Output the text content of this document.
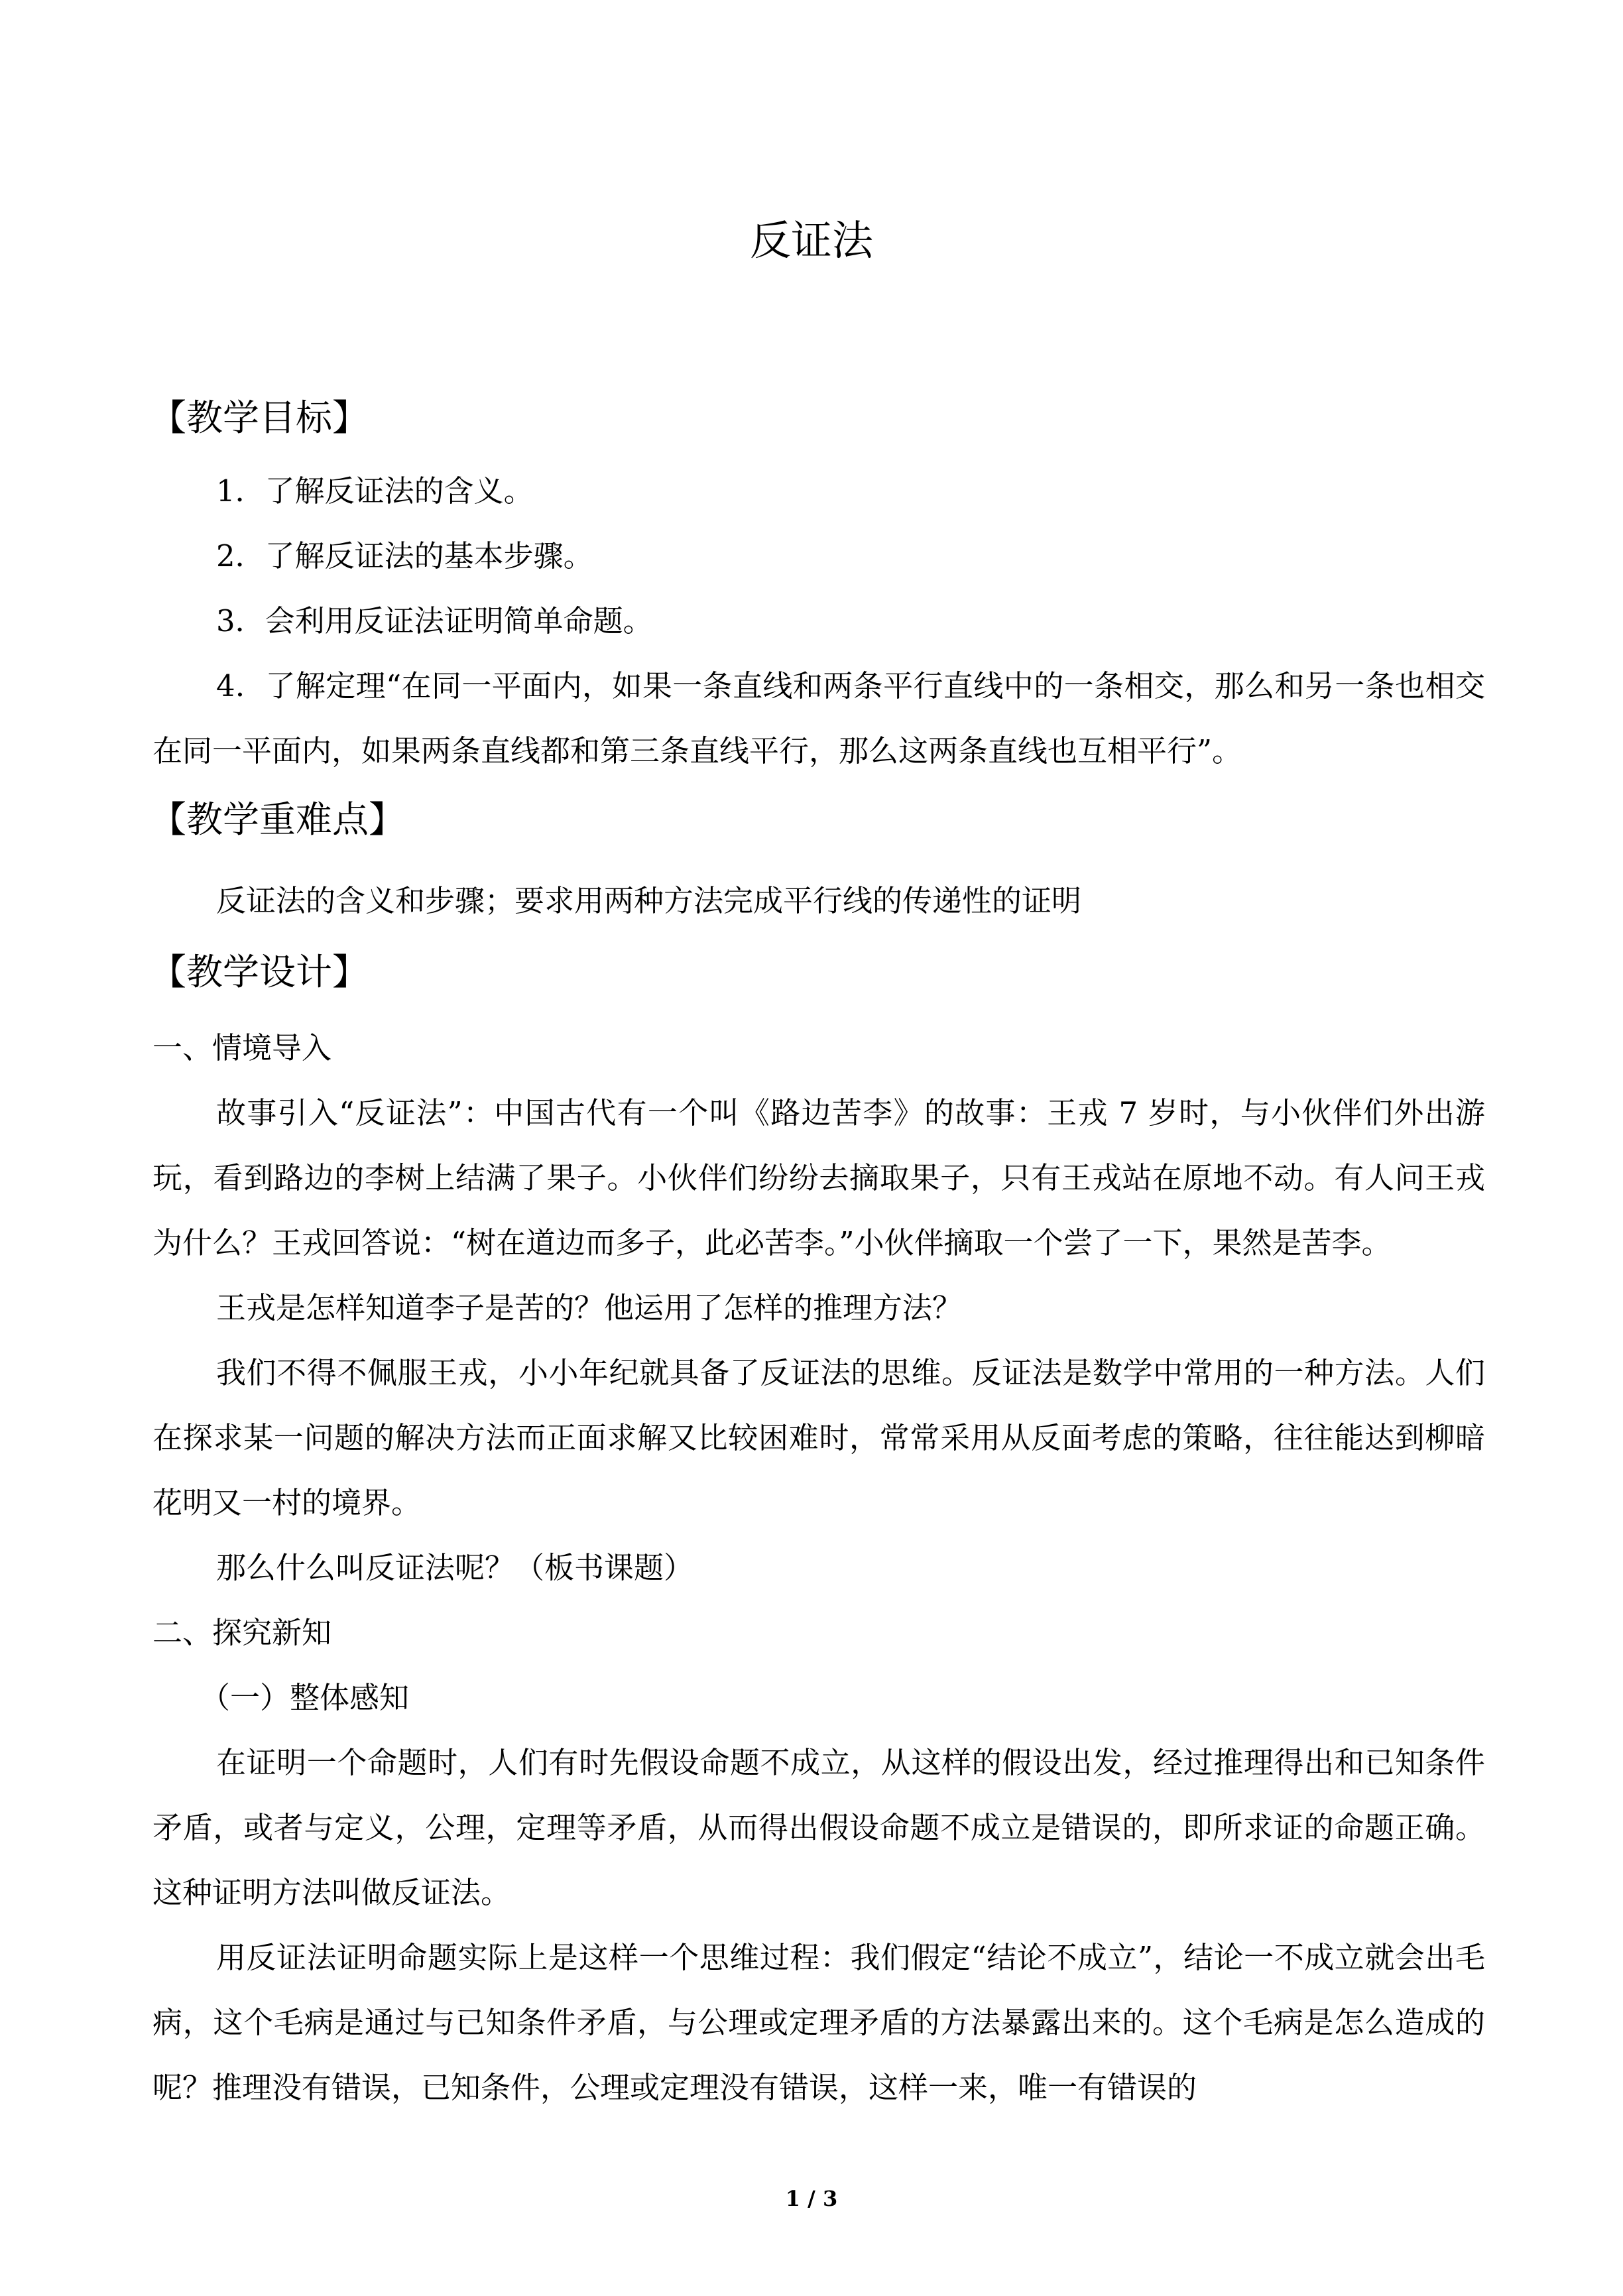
反证法
【教学目标】
1．了解反证法的含义。
2．了解反证法的基本步骤。
3．会利用反证法证明简单命题。
4．了解定理“在同一平面内，如果一条直线和两条平行直线中的一条相交，那么和另一条也相交在同一平面内，如果两条直线都和第三条直线平行，那么这两条直线也互相平行”。
【教学重难点】

反证法的含义和步骤；要求用两种方法完成平行线的传递性的证明

【教学设计】

一、情境导入

故事引入“反证法”：中国古代有一个叫《路边苦李》的故事：王戎 7 岁时，与小伙伴们外出游玩，看到路边的李树上结满了果子。小伙伴们纷纷去摘取果子，只有王戎站在原地不动。有人问王戎为什么？王戎回答说：“树在道边而多子，此必苦李。”小伙伴摘取一个尝了一下，果然是苦李。

王戎是怎样知道李子是苦的？他运用了怎样的推理方法？

我们不得不佩服王戎，小小年纪就具备了反证法的思维。反证法是数学中常用的一种方法。人们在探求某一问题的解决方法而正面求解又比较困难时，常常采用从反面考虑的策略，往往能达到柳暗花明又一村的境界。

那么什么叫反证法呢？（板书课题）

二、探究新知

（一）整体感知

在证明一个命题时，人们有时先假设命题不成立，从这样的假设出发，经过推理得出和已知条件矛盾，或者与定义，公理，定理等矛盾，从而得出假设命题不成立是错误的，即所求证的命题正确。这种证明方法叫做反证法。

用反证法证明命题实际上是这样一个思维过程：我们假定“结论不成立”，结论一不成立就会出毛病，这个毛病是通过与已知条件矛盾，与公理或定理矛盾的方法暴露出来的。这个毛病是怎么造成的呢？推理没有错误，已知条件，公理或定理没有错误，这样一来，唯一有错误的

1 / 3
